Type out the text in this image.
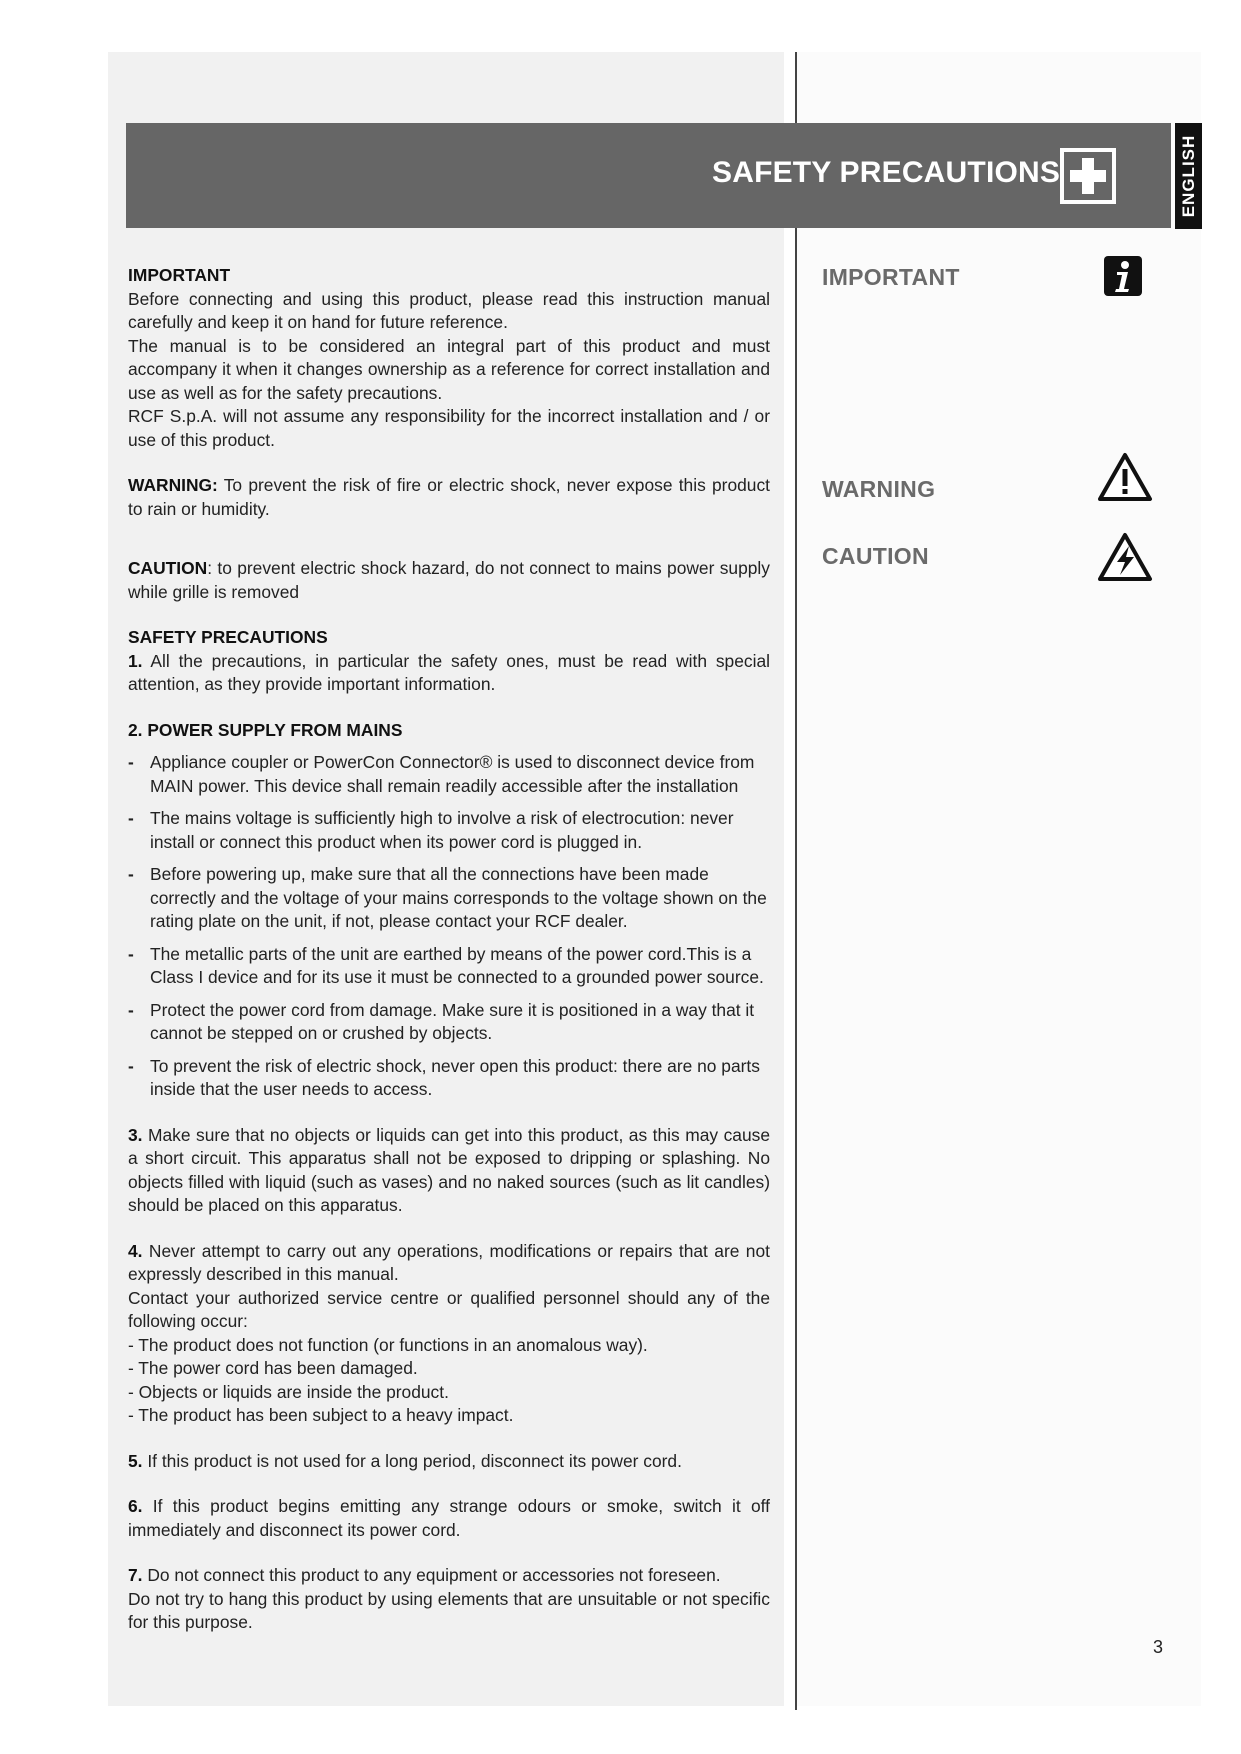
SAFETY PRECAUTIONS	ENGLISH

IMPORTANT

Before connecting and using this product, please read this instruction manual carefully and keep it on hand for future reference.

The manual is to be considered an integral part of this product and must accompany it when it changes ownership as a reference for correct installation and use as well as for the safety precautions.

RCF S.p.A. will not assume any responsibility for the incorrect installation and / or use of this product.

WARNING: To prevent the risk of fire or electric shock, never expose this product to rain or humidity.

CAUTION: to prevent electric shock hazard, do not connect to mains power supply while grille is removed

SAFETY PRECAUTIONS

1. All the precautions, in particular the safety ones, must be read with special attention, as they provide important information.

2. POWER SUPPLY FROM MAINS

- Appliance coupler or PowerCon Connector® is used to disconnect device from MAIN power. This device shall remain readily accessible after the installation
- The mains voltage is sufficiently high to involve a risk of electrocution: never install or connect this product when its power cord is plugged in.
- Before powering up, make sure that all the connections have been made correctly and the voltage of your mains corresponds to the voltage shown on the rating plate on the unit, if not, please contact your RCF dealer.
- The metallic parts of the unit are earthed by means of the power cord.This is a Class I device and for its use it must be connected to a grounded power source.
- Protect the power cord from damage. Make sure it is positioned in a way that it cannot be stepped on or crushed by objects.
- To prevent the risk of electric shock, never open this product: there are no parts inside that the user needs to access.

3. Make sure that no objects or liquids can get into this product, as this may cause a short circuit. This apparatus shall not be exposed to dripping or splashing. No objects filled with liquid (such as vases) and no naked sources (such as lit candles) should be placed on this apparatus.

4. Never attempt to carry out any operations, modifications or repairs that are not expressly described in this manual.

Contact your authorized service centre or qualified personnel should any of the following occur:

- The product does not function (or functions in an anomalous way).

- The power cord has been damaged.

- Objects or liquids are inside the product.

- The product has been subject to a heavy impact.

5. If this product is not used for a long period, disconnect its power cord.

6. If this product begins emitting any strange odours or smoke, switch it off immediately and disconnect its power cord.

7. Do not connect this product to any equipment or accessories not foreseen.

Do not try to hang this product by using elements that are unsuitable or not specific for this purpose.

IMPORTANT
WARNING
CAUTION
3
